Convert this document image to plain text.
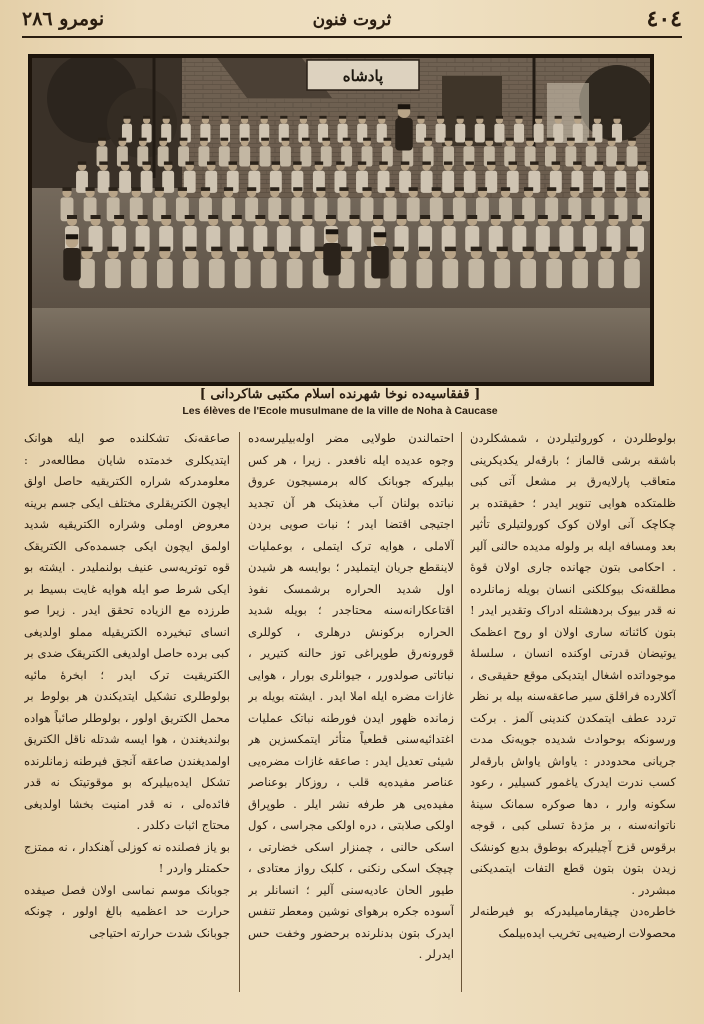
٤٠٤
ثروت فنون
نومرو ٢٨٦
پادشاه
[ قفقاسیه‌ده نوخا شهرنده اسلام مکتبی شاکردانی ]
Les élèves de l'Ecole musulmane de la ville de Noha à Caucase

بولوطلردن ، کورولتیلردن ، شمشکلردن باشقه برشی قالماز ؛ بارقه‌لر یکدیکرینی متعاقب پارلایه‌رق بر مشعل آتی کبی ظلمتکده هوایی تنویر ایدر ؛ حقیقتده بر چکاچک آنی اولان کوک کورولتیلری تأثیر بعد ومسافه ایله بر ولوله مدیده حالنی آلیر . احکامی بتون جهانده جاری اولان قوهٔ مطلقه‌نک بیوکلکنی انسان بویله زمانلرده نه قدر بیوک بردهشتله ادراک وتقدیر ایدر ! بتون کائناته ساری اولان او روح اعظمک یوتیضان قدرتی اوکنده انسان ، سلسلهٔ موجوداتده اشغال ایتدیکی موقع حقیقی‌ی ، آکلارده فراقلق سیر صاعقه‌سنه بیله بر نظر تردد عطف ایتمکدن کندینی آلمز . برکت ورسونکه بوحوادث شدیده‌ جویه‌نک مدت جریانی محدوددر : یاواش یاواش بارقه‌لر کسب ندرت ایدرک یاغمور کسیلیر ، رعود سکونه وارر ، دها صوکره سمانک سینهٔ ناتوانه‌سنه ، بر مژدهٔ تسلی کبی ، قوجه برقوس قزح آچیلیرکه بوطوق بدیع کونشک زیدن بتون بتون قطع التفات ایتمدیکنی مبشردر .

خاطره‌دن چیقارمامیلیدرکه بو فیرطنه‌لر محصولات ارضیه‌یی تخریب ایده‌بیلمک

احتمالندن طولایی مضر اوله‌بیلیرسه‌ده وجوه عدیده ایله نافعدر . زیرا ، هر کس بیلیرکه جوبانک کاله برمسیجون عروق نباتده بولنان آب مغذینک هر آن تجدید اجتیجی اقتضا ایدر ؛ نبات صویی بردن آلاملی ، هوایه ترک ایتملی ، بوعملیات لاینقطع جریان ایتملیدر ؛ بوایسه هر شیدن اول شدید الحراره برشمسک نفوذ اقتاعکارانه‌سنه محتاجدر ؛ بویله شدید الحراره برکونش درهلری ، کوللری قورونه‌رق طوپراغی توز حالنه کتیریر ، نباتاتی صولدورر ، جیوانلری بورار ، هوایی غازات مضره ایله املا ایدر . ایشته بویله بر زمانده ظهور ایدن فورطنه نباتک عملیات اغتدائیه‌سنی قطعیاً متأثر ایتمکسزین هر شیئی تعدیل ایدر : صاعقه غازات مضره‌یی عناصر مفیده‌یه قلب ، روزکار بوعناصر مفیده‌یی هر طرفه نشر ایلر . طوپراق اولکی صلابتی ، دره اولکی مجراسی ، کول اسکی حالنی ، چمنزار اسکی خضارتی ، چیچک اسکی رنکنی ، کلبک رواز معتادی ، طیور الحان عادیه‌سنی آلیر ؛ انسانلر بر آسوده جکره برهوای نوشین ومعطر تنفس ایدرک بتون بدنلرنده برحضور وخفت حس ایدرلر .

صاعقه‌نک تشکلنده صو ایله هوانک ایتدیکلری خدمتده شایان مطالعه‌در : معلومدرکه شراره الکتریقیه حاصل اولق ایچون الکتریقلری مختلف ایکی جسم برینه معروض اوملی وشراره الکتریقیه شدید اولمق ایچون ایکی جسمده‌کی الکتریقک قوه توتریه‌سی عنیف بولنملیدر . ایشته بو ایکی شرط صو ایله هوایه غایت بسیط بر طرزده مع الزیاده تحقق ایدر . زیرا صو انسای تبخیرده الکتریقیله مملو اولدیغی کبی برده حاصل اولدیغی الکتریقک ضدی بر الکتریقیت ترک ایدر ؛ ابخرهٔ مائیه بولوطلری تشکیل ایتدیکندن هر بولوط بر محمل الکتریق اولور ، بولوطلر صائباً هواده بولندیغندن ، هوا ایسه شدتله ناقل الکتریق اولمدیغندن صاعقه آنجق فیرطنه زمانلرنده تشکل ایده‌بیلیرکه بو موقوتیتک نه قدر فائده‌لی ، نه قدر امنیت بخشا اولدیغی محتاج اثبات دکلدر .

بو یاز فصلنده نه کوزلی آهنکدار ، نه ممتزج حکمتلر واردر !

جوبانک موسم نماسی اولان فصل صیفده حرارت حد اعظمیه بالغ اولور ، چونکه جوبانک شدت حرارته احتیاجی
